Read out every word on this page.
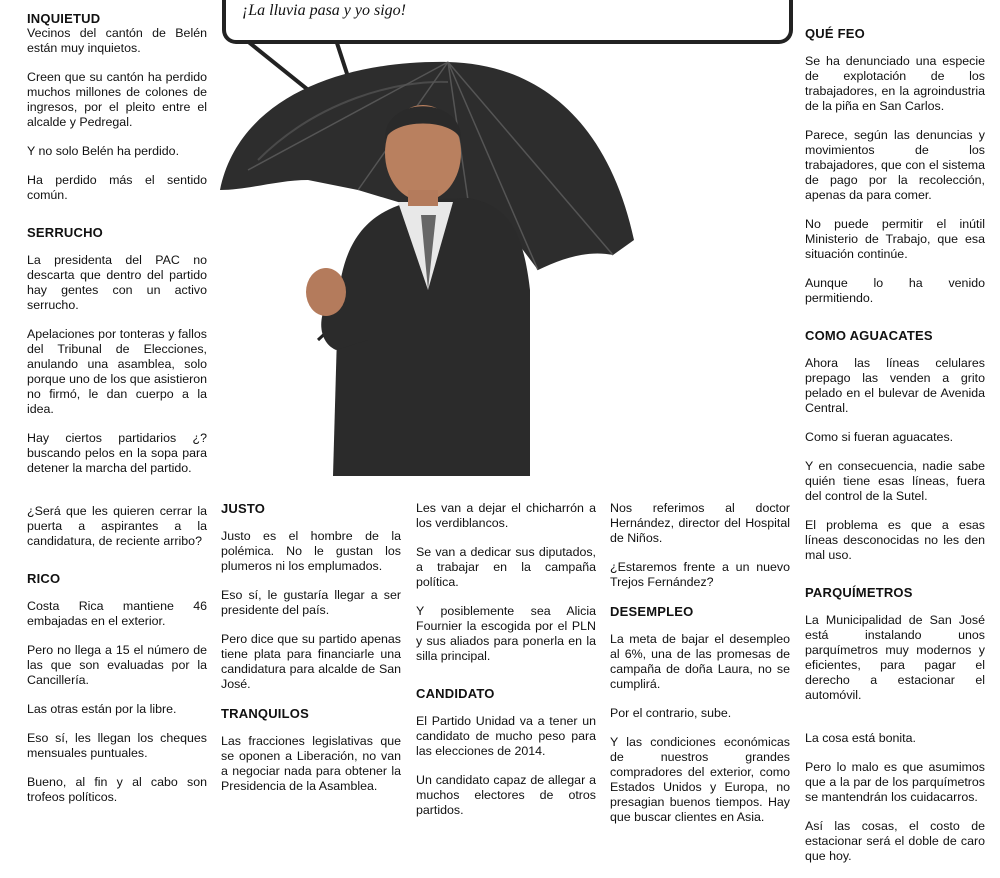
INQUIETUD

Vecinos del cantón de Belén están muy inquietos.

Creen que su cantón ha perdido muchos millones de colones de ingresos, por el pleito entre el alcalde y Pedregal.

Y no solo Belén ha perdido.

Ha perdido más el sentido común.

SERRUCHO

La presidenta del PAC no descarta que dentro del partido hay gentes con un activo serrucho.

Apelaciones por tonteras y fallos del Tribunal de Elecciones, anulando una asamblea, solo porque uno de los que asistieron no firmó, le dan cuerpo a la idea.

Hay ciertos partidarios ¿? buscando pelos en la sopa para detener la marcha del partido.

¿Será que les quieren cerrar la puerta a aspirantes a la candidatura, de reciente arribo?

RICO

Costa Rica mantiene 46 embajadas en el exterior.

Pero no llega a 15 el número de las que son evaluadas por la Cancillería.

Las otras están por la libre.

Eso sí, les llegan los cheques mensuales puntuales.

Bueno, al fin y al cabo son trofeos políticos.

¡La lluvia pasa y yo sigo!
JUSTO

Justo es el hombre de la polémica. No le gustan los plumeros ni los emplumados.

Eso sí, le gustaría llegar a ser presidente del país.

Pero dice que su partido apenas tiene plata para financiarle una candidatura para alcalde de San José.

TRANQUILOS

Las fracciones legislativas que se oponen a Liberación, no van a negociar nada para obtener la Presidencia de la Asamblea.

Les van a dejar el chicharrón a los verdiblancos.

Se van a dedicar sus diputados, a trabajar en la campaña política.

Y posiblemente sea Alicia Fournier la escogida por el PLN y sus aliados para ponerla en la silla principal.

CANDIDATO

El Partido Unidad va a tener un candidato de mucho peso para las elecciones de 2014.

Un candidato capaz de allegar a muchos electores de otros partidos.

Nos referimos al doctor Hernández, director del Hospital de Niños.

¿Estaremos frente a un nuevo Trejos Fernández?

DESEMPLEO

La meta de bajar el desempleo al 6%, una de las promesas de campaña de doña Laura, no se cumplirá.

Por el contrario, sube.

Y las condiciones económicas de nuestros grandes compradores del exterior, como Estados Unidos y Europa, no presagian buenos tiempos. Hay que buscar clientes en Asia.

QUÉ FEO

Se ha denunciado una especie de explotación de los trabajadores, en la agroindustria de la piña en San Carlos.

Parece, según las denuncias y movimientos de los trabajadores, que con el sistema de pago por la recolección, apenas da para comer.

No puede permitir el inútil Ministerio de Trabajo, que esa situación continúe.

Aunque lo ha venido permitiendo.

COMO AGUACATES

Ahora las líneas celulares prepago las venden a grito pelado en el bulevar de Avenida Central.

Como si fueran aguacates.

Y en consecuencia, nadie sabe quién tiene esas líneas, fuera del control de la Sutel.

El problema es que a esas líneas desconocidas no les den mal uso.

PARQUÍMETROS

La Municipalidad de San José está instalando unos parquímetros muy modernos y eficientes, para pagar el derecho a estacionar el automóvil.

La cosa está bonita.

Pero lo malo es que asumimos que a la par de los parquímetros se mantendrán los cuidacarros.

Así las cosas, el costo de estacionar será el doble de caro que hoy.
